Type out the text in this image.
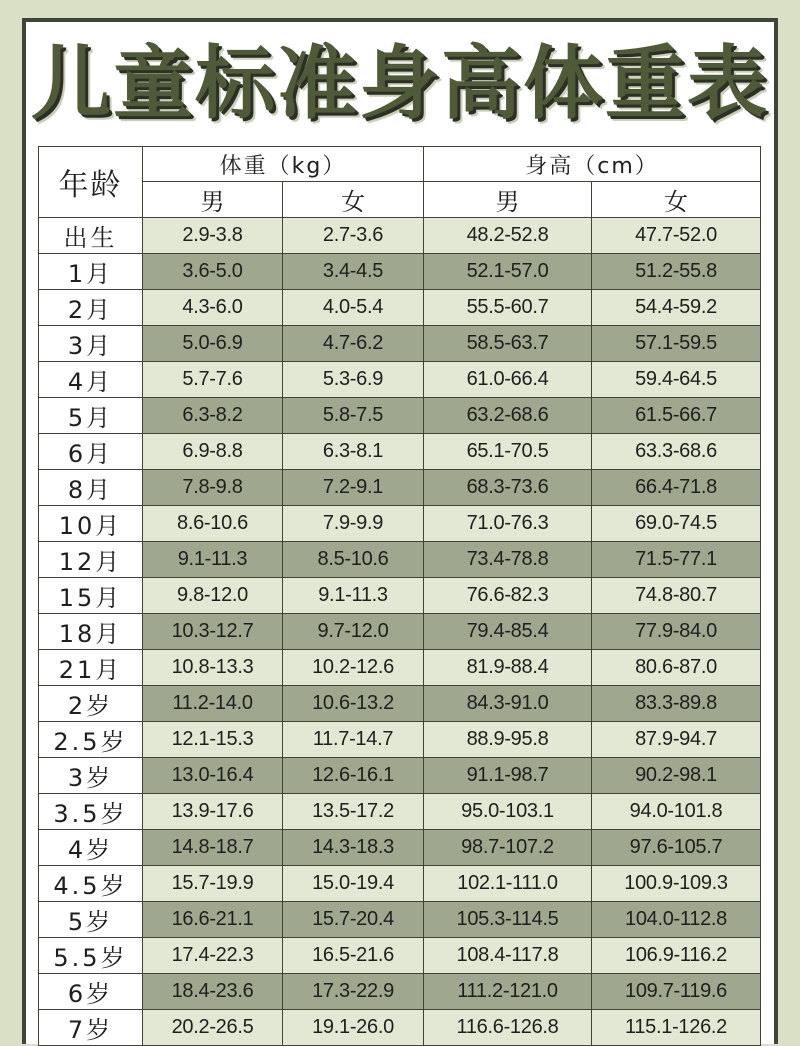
儿童标准身高体重表
年龄	体重（kg）		身高（cm）	
	男	女	男	女
出生	2.9-3.8	2.7-3.6	48.2-52.8	47.7-52.0
1月	3.6-5.0	3.4-4.5	52.1-57.0	51.2-55.8
2月	4.3-6.0	4.0-5.4	55.5-60.7	54.4-59.2
3月	5.0-6.9	4.7-6.2	58.5-63.7	57.1-59.5
4月	5.7-7.6	5.3-6.9	61.0-66.4	59.4-64.5
5月	6.3-8.2	5.8-7.5	63.2-68.6	61.5-66.7
6月	6.9-8.8	6.3-8.1	65.1-70.5	63.3-68.6
8月	7.8-9.8	7.2-9.1	68.3-73.6	66.4-71.8
10月	8.6-10.6	7.9-9.9	71.0-76.3	69.0-74.5
12月	9.1-11.3	8.5-10.6	73.4-78.8	71.5-77.1
15月	9.8-12.0	9.1-11.3	76.6-82.3	74.8-80.7
18月	10.3-12.7	9.7-12.0	79.4-85.4	77.9-84.0
21月	10.8-13.3	10.2-12.6	81.9-88.4	80.6-87.0
2岁	11.2-14.0	10.6-13.2	84.3-91.0	83.3-89.8
2.5岁	12.1-15.3	11.7-14.7	88.9-95.8	87.9-94.7
3岁	13.0-16.4	12.6-16.1	91.1-98.7	90.2-98.1
3.5岁	13.9-17.6	13.5-17.2	95.0-103.1	94.0-101.8
4岁	14.8-18.7	14.3-18.3	98.7-107.2	97.6-105.7
4.5岁	15.7-19.9	15.0-19.4	102.1-111.0	100.9-109.3
5岁	16.6-21.1	15.7-20.4	105.3-114.5	104.0-112.8
5.5岁	17.4-22.3	16.5-21.6	108.4-117.8	106.9-116.2
6岁	18.4-23.6	17.3-22.9	111.2-121.0	109.7-119.6
7岁	20.2-26.5	19.1-26.0	116.6-126.8	115.1-126.2
